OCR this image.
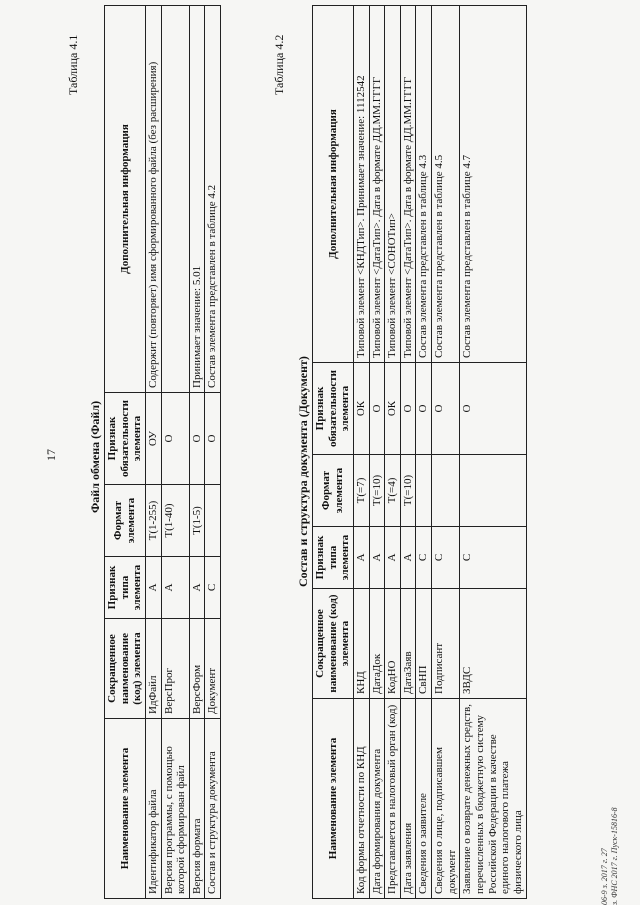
17
Таблица 4.1
Файл обмена (Файл)
Наименование элемента	Сокращенное наименование (код) элемента	Признак типа элемента	Формат элемента	Признак обязательности элемента	Дополнительная информация
Идентификатор файла	ИдФайл	А	Т(1-255)	ОУ	Содержит (повторяет) имя сформированного файла (без расширения)
Версия программы, с помощью которой сформирован файл	ВерсПрог	А	Т(1-40)	О	
Версия формата	ВерсФорм	А	Т(1-5)	О	Принимает значение: 5.01
Состав и структура документа	Документ	С		О	Состав элемента представлен в таблице 4.2
Таблица 4.2
Состав и структура документа (Документ)
Наименование элемента	Сокращенное наименование (код) элемента	Признак типа элемента	Формат элемента	Признак обязательности элемента	Дополнительная информация
Код формы отчетности по КНД	КНД	А	Т(=7)	ОК	Типовой элемент <КНДТип>. Принимает значение: 1112542
Дата формирования документа	ДатаДок	А	Т(=10)	О	Типовой элемент <ДатаТип>. Дата в формате ДД.ММ.ГГГГ
Представляется в налоговый орган (код)	КодНО	А	Т(=4)	ОК	Типовой элемент <СОНОТип>
Дата заявления	ДатаЗаяв	А	Т(=10)	О	Типовой элемент <ДатаТип>. Дата в формате ДД.ММ.ГГГГ
Сведения о заявителе	СвНП	С		О	Состав элемента представлен в таблице 4.3
Сведения о лице, подписавшем документ	Подписант	С		О	Состав элемента представлен в таблице 4.5
Заявление о возврате денежных средств, перечисленных в бюджетную систему Российской Федерации в качестве единого налогового платежа физического лица	ЗВДС	С		О	Состав элемента представлен в таблице 4.7
06-9 з. 2017 г. 27 з. ФНС 2017 г. Пуск-15816-8
